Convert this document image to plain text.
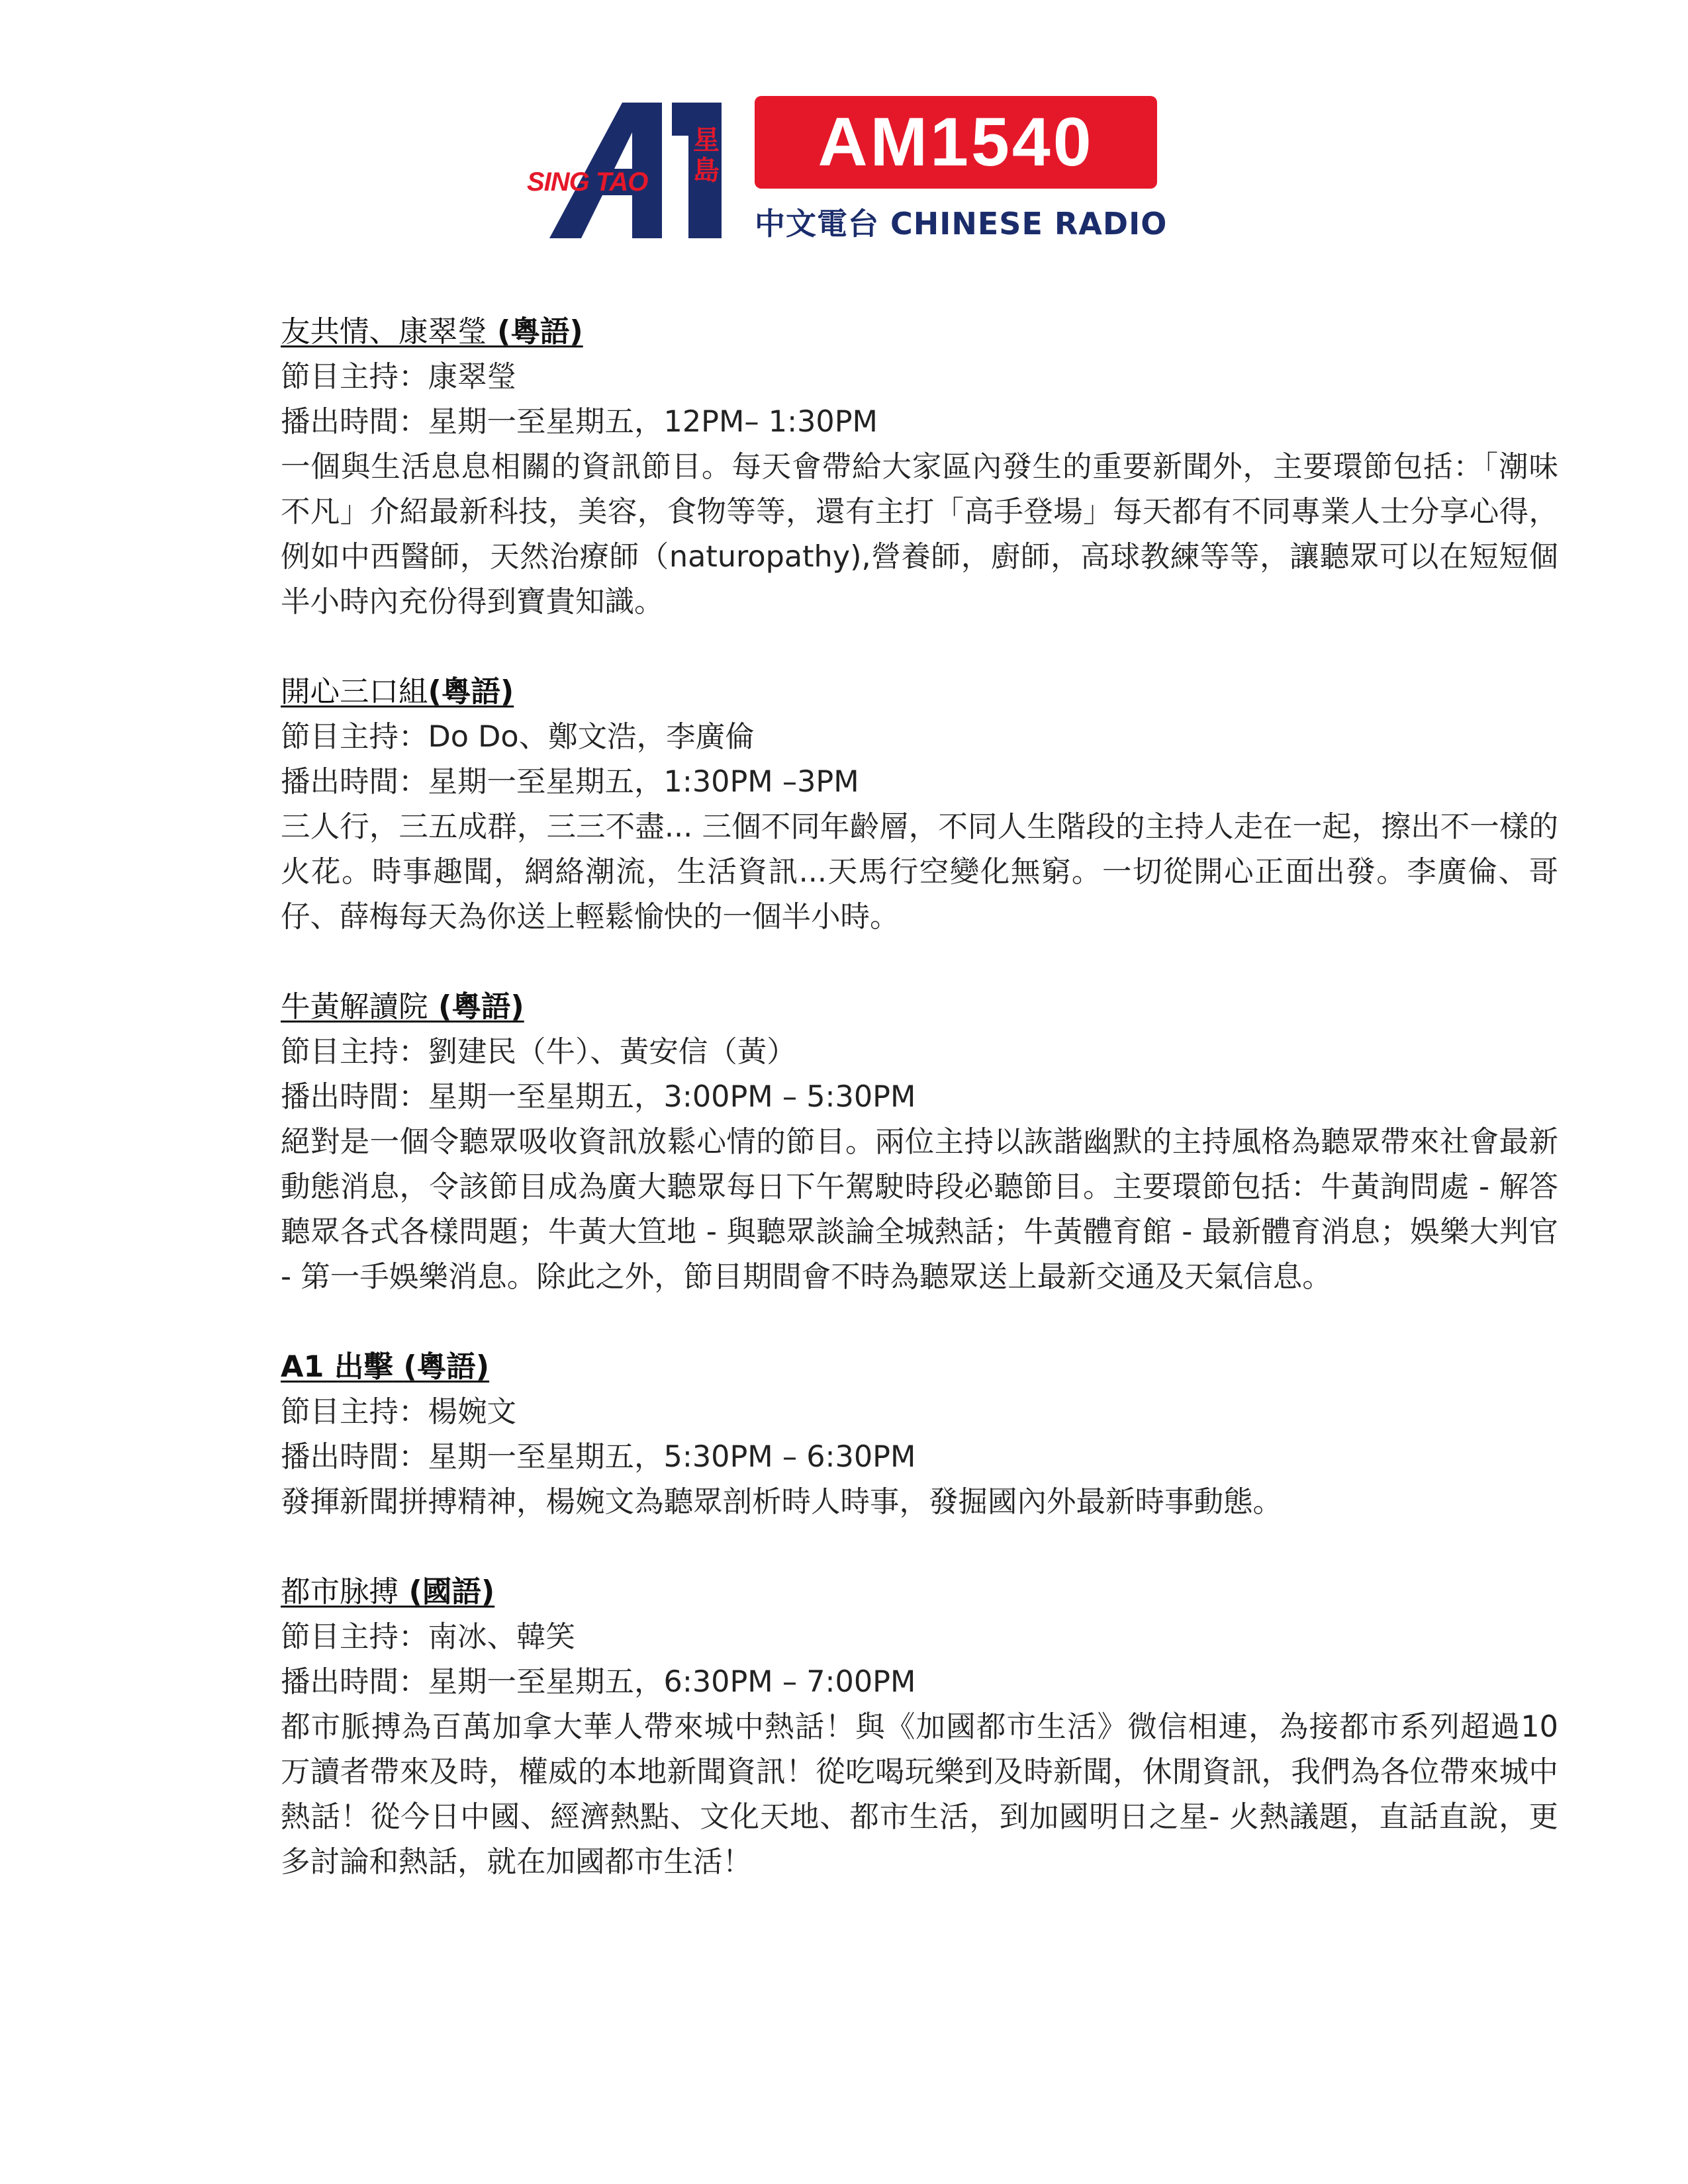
SING TAO
星島 AM1540
中文電台 CHINESE RADIO

友共情、康翠瑩 (粵語)

節目主持：康翠瑩

播出時間：星期一至星期五，12PM– 1:30PM

一個與生活息息相關的資訊節目。每天會帶給大家區內發生的重要新聞外，主要環節包括：「潮味不凡」介紹最新科技，美容，食物等等，還有主打「高手登場」每天都有不同專業人士分享心得，例如中西醫師，天然治療師（naturopathy),營養師，廚師，高球教練等等，讓聽眾可以在短短個半小時內充份得到寶貴知識。

開心三口組(粵語)

節目主持：Do Do、鄭文浩，李廣倫

播出時間：星期一至星期五，1:30PM –3PM

三人行，三五成群，三三不盡... 三個不同年齡層，不同人生階段的主持人走在一起，擦出不一樣的火花。時事趣聞，網絡潮流，生活資訊...天馬行空變化無窮。一切從開心正面出發。李廣倫、哥仔、薛梅每天為你送上輕鬆愉快的一個半小時。

牛黃解讀院 (粵語)

節目主持：劉建民（牛）、黃安信（黃）

播出時間：星期一至星期五，3:00PM – 5:30PM

絕對是一個令聽眾吸收資訊放鬆心情的節目。兩位主持以詼諧幽默的主持風格為聽眾帶來社會最新動態消息，令該節目成為廣大聽眾每日下午駕駛時段必聽節目。主要環節包括：牛黃詢問處 - 解答聽眾各式各樣問題；牛黃大笪地 - 與聽眾談論全城熱話；牛黃體育館 - 最新體育消息；娛樂大判官 - 第一手娛樂消息。除此之外，節目期間會不時為聽眾送上最新交通及天氣信息。

A1 出擊 (粵語)

節目主持：楊婉文

播出時間：星期一至星期五，5:30PM – 6:30PM

發揮新聞拼搏精神，楊婉文為聽眾剖析時人時事，發掘國內外最新時事動態。

都市脉搏 (國語)

節目主持：南冰、韓笑

播出時間：星期一至星期五，6:30PM – 7:00PM

都市脈搏為百萬加拿大華人帶來城中熱話！與《加國都市生活》微信相連，為接都市系列超過10 万讀者帶來及時，權威的本地新聞資訊！從吃喝玩樂到及時新聞，休閒資訊，我們為各位帶來城中熱話！從今日中國、經濟熱點、文化天地、都市生活，到加國明日之星- 火熱議題，直話直說，更多討論和熱話，就在加國都市生活！
